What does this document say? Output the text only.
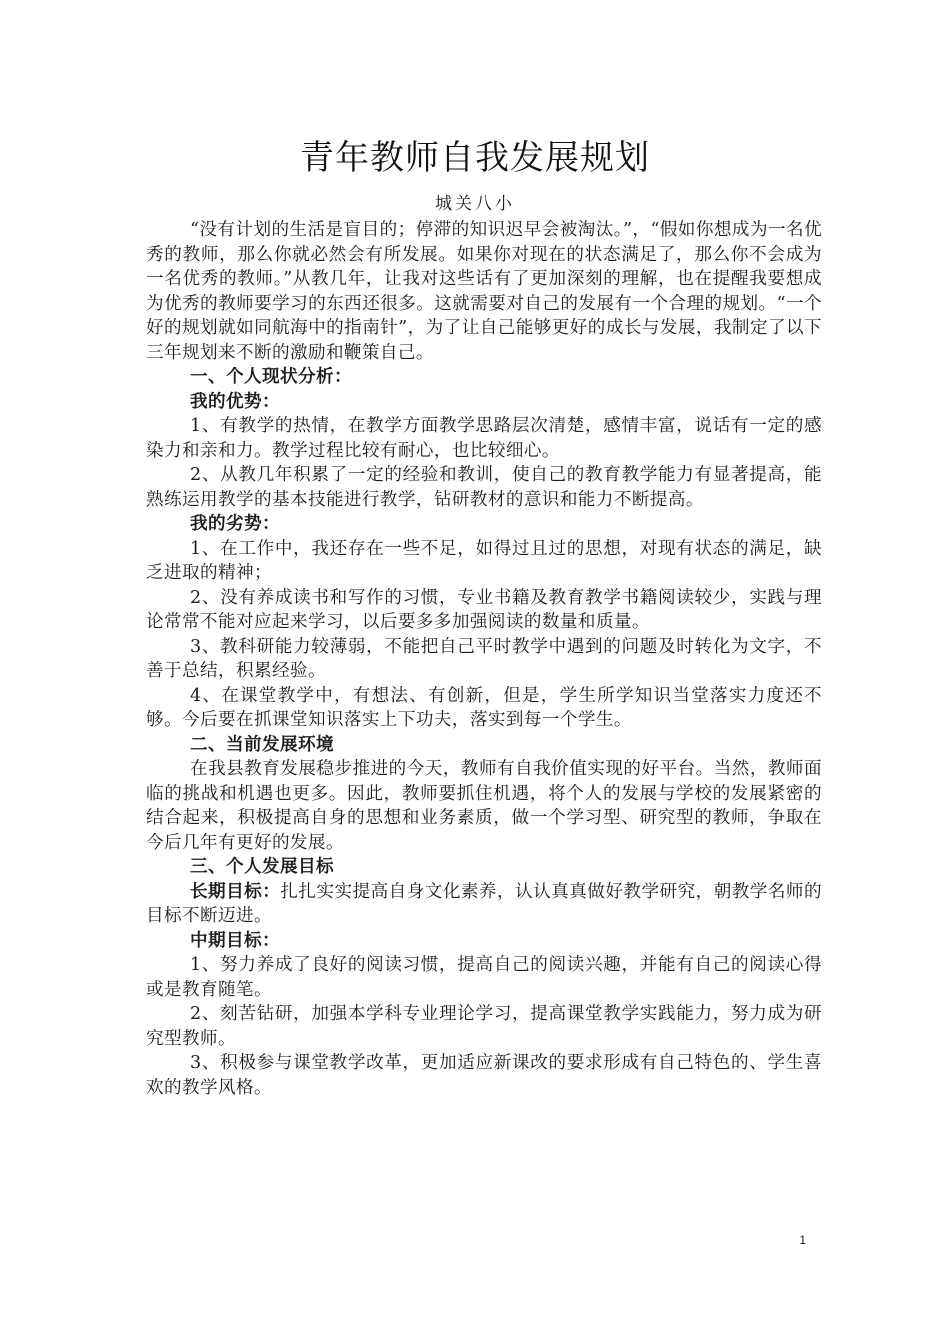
青年教师自我发展规划
城关八小

“没有计划的生活是盲目的；停滞的知识迟早会被淘汰。”，“假如你想成为一名优秀的教师，那么你就必然会有所发展。如果你对现在的状态满足了，那么你不会成为一名优秀的教师。”从教几年，让我对这些话有了更加深刻的理解，也在提醒我要想成为优秀的教师要学习的东西还很多。这就需要对自己的发展有一个合理的规划。“一个好的规划就如同航海中的指南针”，为了让自己能够更好的成长与发展，我制定了以下三年规划来不断的激励和鞭策自己。

一、个人现状分析：

我的优势：

1、有教学的热情，在教学方面教学思路层次清楚，感情丰富，说话有一定的感染力和亲和力。教学过程比较有耐心，也比较细心。

2、从教几年积累了一定的经验和教训，使自己的教育教学能力有显著提高，能熟练运用教学的基本技能进行教学，钻研教材的意识和能力不断提高。

我的劣势：

1、在工作中，我还存在一些不足，如得过且过的思想，对现有状态的满足，缺乏进取的精神；

2、没有养成读书和写作的习惯，专业书籍及教育教学书籍阅读较少，实践与理论常常不能对应起来学习，以后要多多加强阅读的数量和质量。

3、教科研能力较薄弱，不能把自己平时教学中遇到的问题及时转化为文字，不善于总结，积累经验。

4、在课堂教学中，有想法、有创新，但是，学生所学知识当堂落实力度还不够。今后要在抓课堂知识落实上下功夫，落实到每一个学生。

二、当前发展环境

在我县教育发展稳步推进的今天，教师有自我价值实现的好平台。当然，教师面临的挑战和机遇也更多。因此，教师要抓住机遇，将个人的发展与学校的发展紧密的结合起来，积极提高自身的思想和业务素质，做一个学习型、研究型的教师，争取在今后几年有更好的发展。

三、个人发展目标

长期目标：扎扎实实提高自身文化素养，认认真真做好教学研究，朝教学名师的目标不断迈进。

中期目标：

1、努力养成了良好的阅读习惯，提高自己的阅读兴趣，并能有自己的阅读心得或是教育随笔。

2、刻苦钻研，加强本学科专业理论学习，提高课堂教学实践能力，努力成为研究型教师。

3、积极参与课堂教学改革，更加适应新课改的要求形成有自己特色的、学生喜欢的教学风格。

1
